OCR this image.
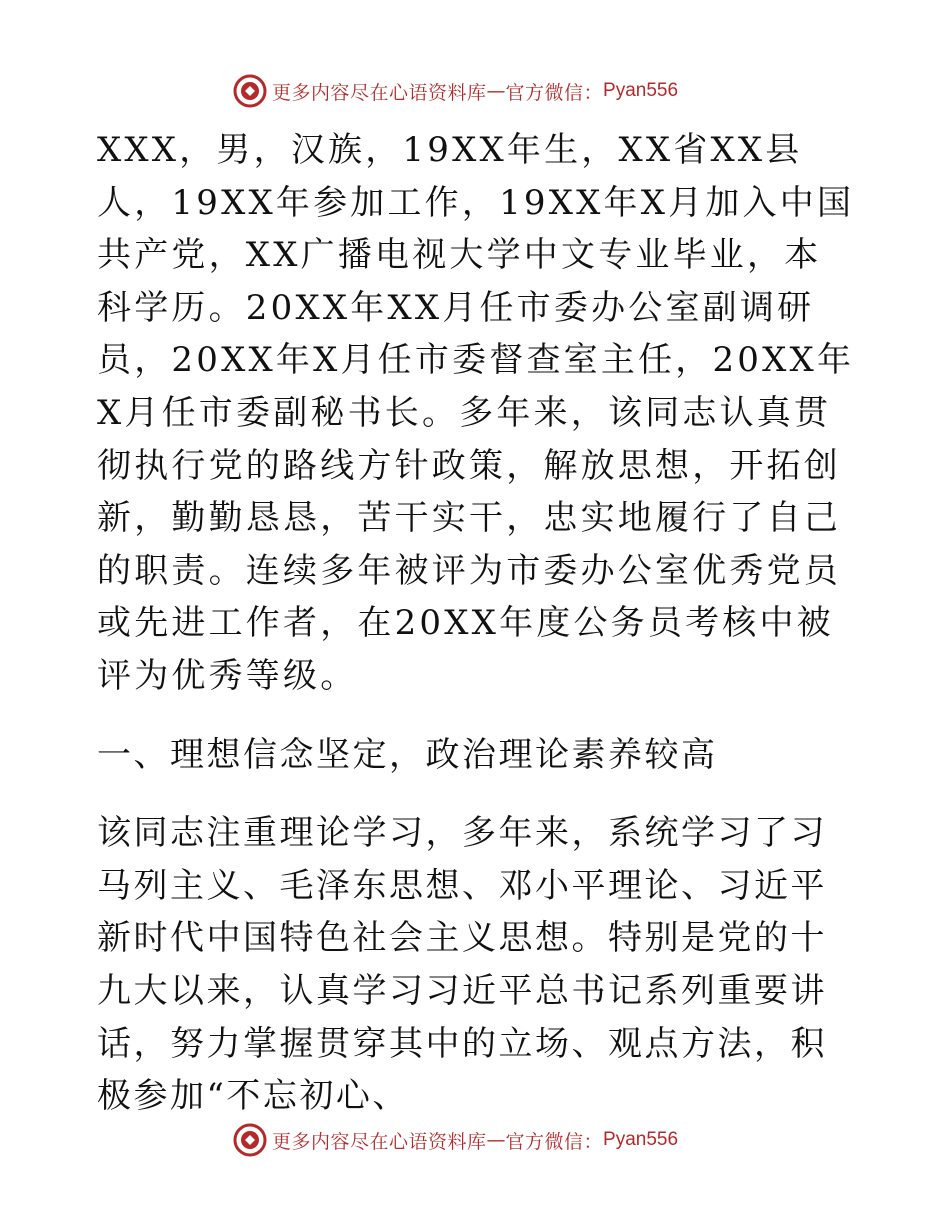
更多内容尽在心语资料库 — 官方微信： Pyan556

XXX，男，汉族，19XX年生，XX省XX县人，19XX年参加工作，19XX年X月加入中国共产党，XX广播电视大学中文专业毕业，本科学历。20XX年XX月任市委办公室副调研员，20XX年X月任市委督查室主任，20XX年X月任市委副秘书长。多年来，该同志认真贯彻执行党的路线方针政策，解放思想，开拓创新，勤勤恳恳，苦干实干，忠实地履行了自己的职责。连续多年被评为市委办公室优秀党员或先进工作者，在20XX年度公务员考核中被评为优秀等级。

一、理想信念坚定，政治理论素养较高

该同志注重理论学习，多年来，系统学习了习马列主义、毛泽东思想、邓小平理论、习近平新时代中国特色社会主义思想。特别是党的十九大以来，认真学习习近平总书记系列重要讲话，努力掌握贯穿其中的立场、观点方法，积极参加“不忘初心、

更多内容尽在心语资料库 — 官方微信： Pyan556
